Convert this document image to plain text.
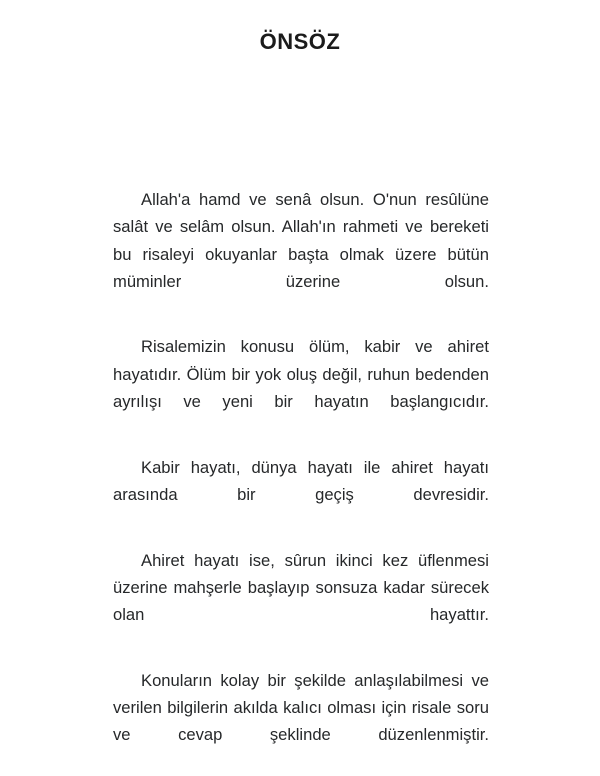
ÖNSÖZ

Allah'a hamd ve senâ olsun. O'nun resûlüne salât ve selâm olsun. Allah'ın rahmeti ve bereketi bu risaleyi okuyanlar başta olmak üzere bütün müminler üzerine olsun.

Risalemizin konusu ölüm, kabir ve ahiret hayatıdır. Ölüm bir yok oluş değil, ruhun bedenden ayrılışı ve yeni bir hayatın başlangıcıdır.

Kabir hayatı, dünya hayatı ile ahiret hayatı arasında bir geçiş devresidir.

Ahiret hayatı ise, sûrun ikinci kez üflenmesi üzerine mahşerle başlayıp sonsuza kadar sürecek olan hayattır.

Konuların kolay bir şekilde anlaşılabilmesi ve verilen bilgilerin akılda kalıcı olması için risale soru ve cevap şeklinde düzenlenmiştir.
